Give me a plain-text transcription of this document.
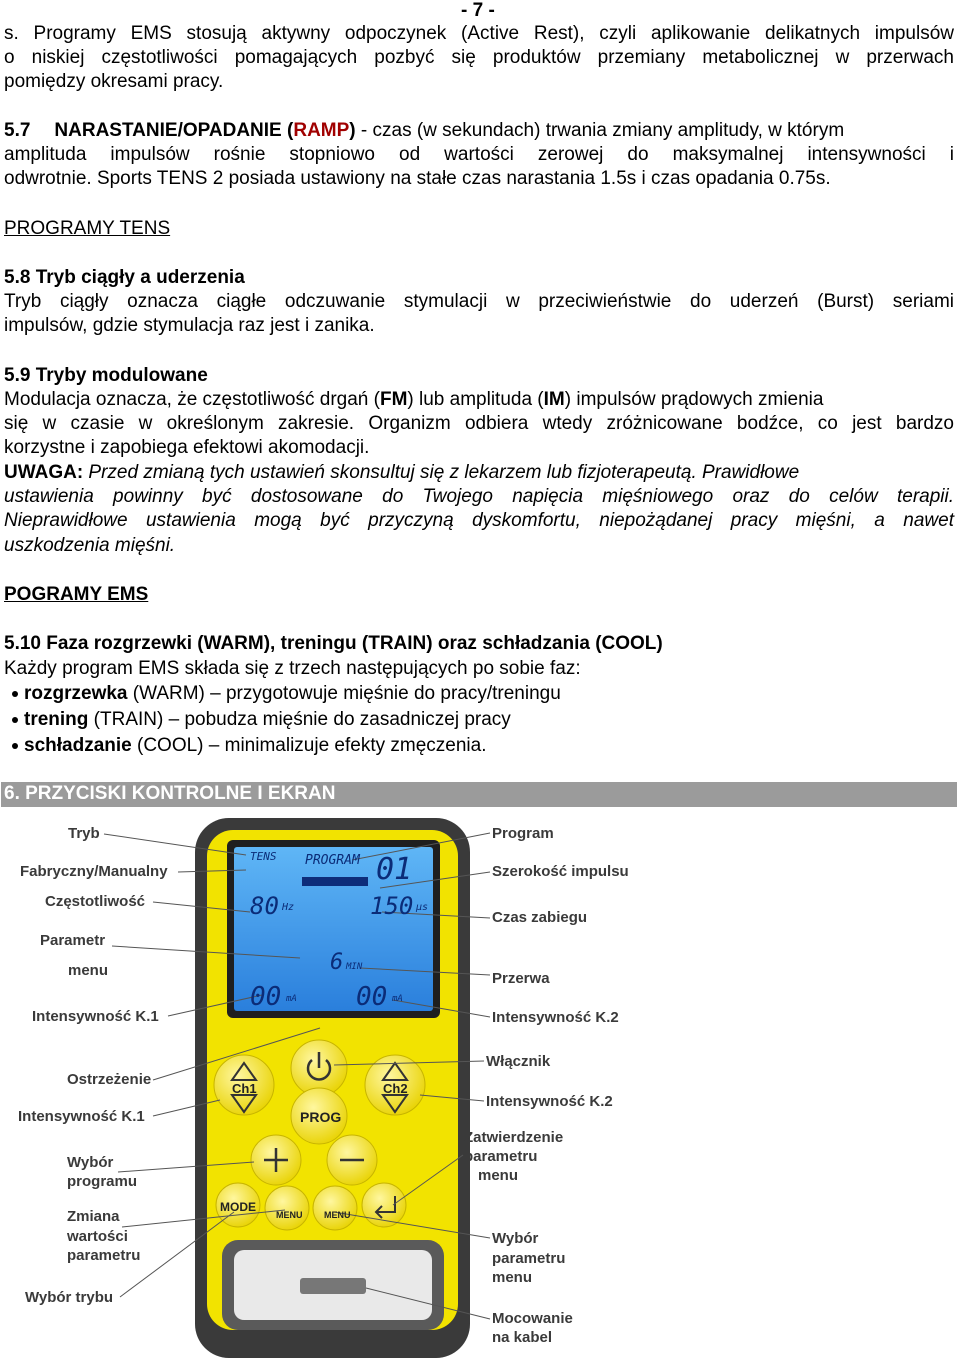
- 7 -
s. Programy EMS stosują aktywny odpoczynek (Active Rest), czyli aplikowanie delikatnych impulsów
o niskiej częstotliwości pomagających pozbyć się produktów przemiany metabolicznej w przerwach
pomiędzy okresami pracy.
5.7 NARASTANIE/OPADANIE (RAMP) - czas (w sekundach) trwania zmiany amplitudy, w którym
amplituda impulsów rośnie stopniowo od wartości zerowej do maksymalnej intensywności i
odwrotnie. Sports TENS 2 posiada ustawiony na stałe czas narastania 1.5s i czas opadania 0.75s.
PROGRAMY TENS
5.8 Tryb ciągły a uderzenia
Tryb ciągły oznacza ciągłe odczuwanie stymulacji w przeciwieństwie do uderzeń (Burst) seriami
impulsów, gdzie stymulacja raz jest i zanika.
5.9 Tryby modulowane
Modulacja oznacza, że częstotliwość drgań (FM) lub amplituda (IM) impulsów prądowych zmienia
się w czasie w określonym zakresie. Organizm odbiera wtedy zróżnicowane bodźce, co jest bardzo
korzystne i zapobiega efektowi akomodacji.
UWAGA: Przed zmianą tych ustawień skonsultuj się z lekarzem lub fizjoterapeutą. Prawidłowe
ustawienia powinny być dostosowane do Twojego napięcia mięśniowego oraz do celów terapii.
Nieprawidłowe ustawienia mogą być przyczyną dyskomfortu, niepożądanej pracy mięśni, a nawet
uszkodzenia mięśni.
POGRAMY EMS
5.10 Faza rozgrzewki (WARM), treningu (TRAIN) oraz schładzania (COOL)
Każdy program EMS składa się z trzech następujących po sobie faz:
rozgrzewka (WARM) – przygotowuje mięśnie do pracy/treningu
trening (TRAIN) – pobudza mięśnie do zasadniczej pracy
schładzanie (COOL) – minimalizuje efekty zmęczenia.
6. PRZYCISKI KONTROLNE I EKRAN
TENS PROGRAM 01
80 Hz	150 µs
6 MIN
00 mA 00 mA
Ch1	Ch2
PROG
MODE
MENU MENU
Tryb
Fabryczny/Manualny
Częstotliwość
Parametr
menu
Intensywność K.1
Ostrzeżenie
Intensywność K.1
Wybór
programu
Zmiana
wartości
parametru
Wybór trybu
Program
Szerokość impulsu
Czas zabiegu
Przerwa
Intensywność K.2
Włącznik
Intensywność K.2
Zatwierdzenie
parametru
menu
Wybór
parametru
menu
Mocowanie
na kabel
